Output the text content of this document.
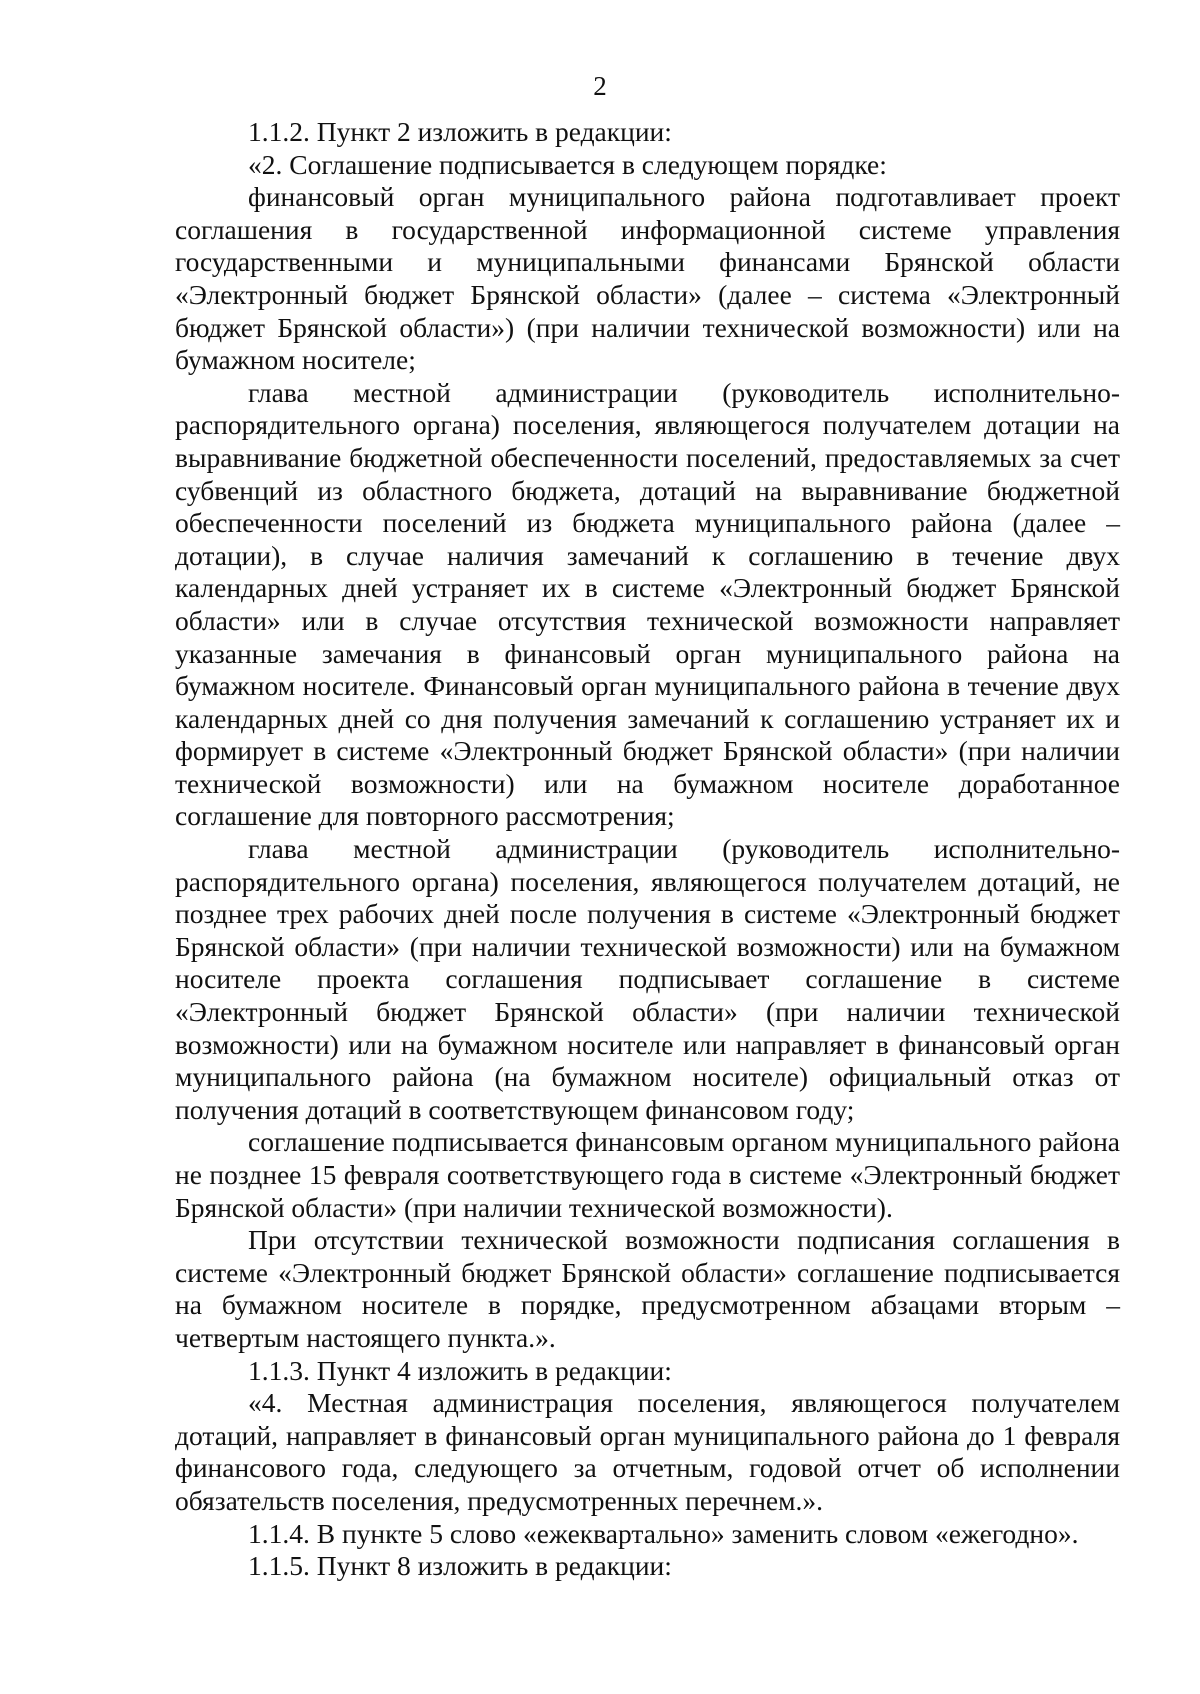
2

1.1.2. Пункт 2 изложить в редакции:

«2. Соглашение подписывается в следующем порядке:

финансовый орган муниципального района подготавливает проект соглашения в государственной информационной системе управления государственными и муниципальными финансами Брянской области «Электронный бюджет Брянской области» (далее – система «Электронный бюджет Брянской области») (при наличии технической возможности) или на бумажном носителе;

глава местной администрации (руководитель исполнительно-распорядительного органа) поселения, являющегося получателем дотации на выравнивание бюджетной обеспеченности поселений, предоставляемых за счет субвенций из областного бюджета, дотаций на выравнивание бюджетной обеспеченности поселений из бюджета муниципального района (далее – дотации), в случае наличия замечаний к соглашению в течение двух календарных дней устраняет их в системе «Электронный бюджет Брянской области» или в случае отсутствия технической возможности направляет указанные замечания в финансовый орган муниципального района на бумажном носителе. Финансовый орган муниципального района в течение двух календарных дней со дня получения замечаний к соглашению устраняет их и формирует в системе «Электронный бюджет Брянской области» (при наличии технической возможности) или на бумажном носителе доработанное соглашение для повторного рассмотрения;

глава местной администрации (руководитель исполнительно-распорядительного органа) поселения, являющегося получателем дотаций, не позднее трех рабочих дней после получения в системе «Электронный бюджет Брянской области» (при наличии технической возможности) или на бумажном носителе проекта соглашения подписывает соглашение в системе «Электронный бюджет Брянской области» (при наличии технической возможности) или на бумажном носителе или направляет в финансовый орган муниципального района (на бумажном носителе) официальный отказ от получения дотаций в соответствующем финансовом году;

соглашение подписывается финансовым органом муниципального района не позднее 15 февраля соответствующего года в системе «Электронный бюджет Брянской области» (при наличии технической возможности).

При отсутствии технической возможности подписания соглашения в системе «Электронный бюджет Брянской области» соглашение подписывается на бумажном носителе в порядке, предусмотренном абзацами вторым – четвертым настоящего пункта.».

1.1.3. Пункт 4 изложить в редакции:

«4. Местная администрация поселения, являющегося получателем дотаций, направляет в финансовый орган муниципального района до 1 февраля финансового года, следующего за отчетным, годовой отчет об исполнении обязательств поселения, предусмотренных перечнем.».

1.1.4. В пункте 5 слово «ежеквартально» заменить словом «ежегодно».

1.1.5. Пункт 8 изложить в редакции:
